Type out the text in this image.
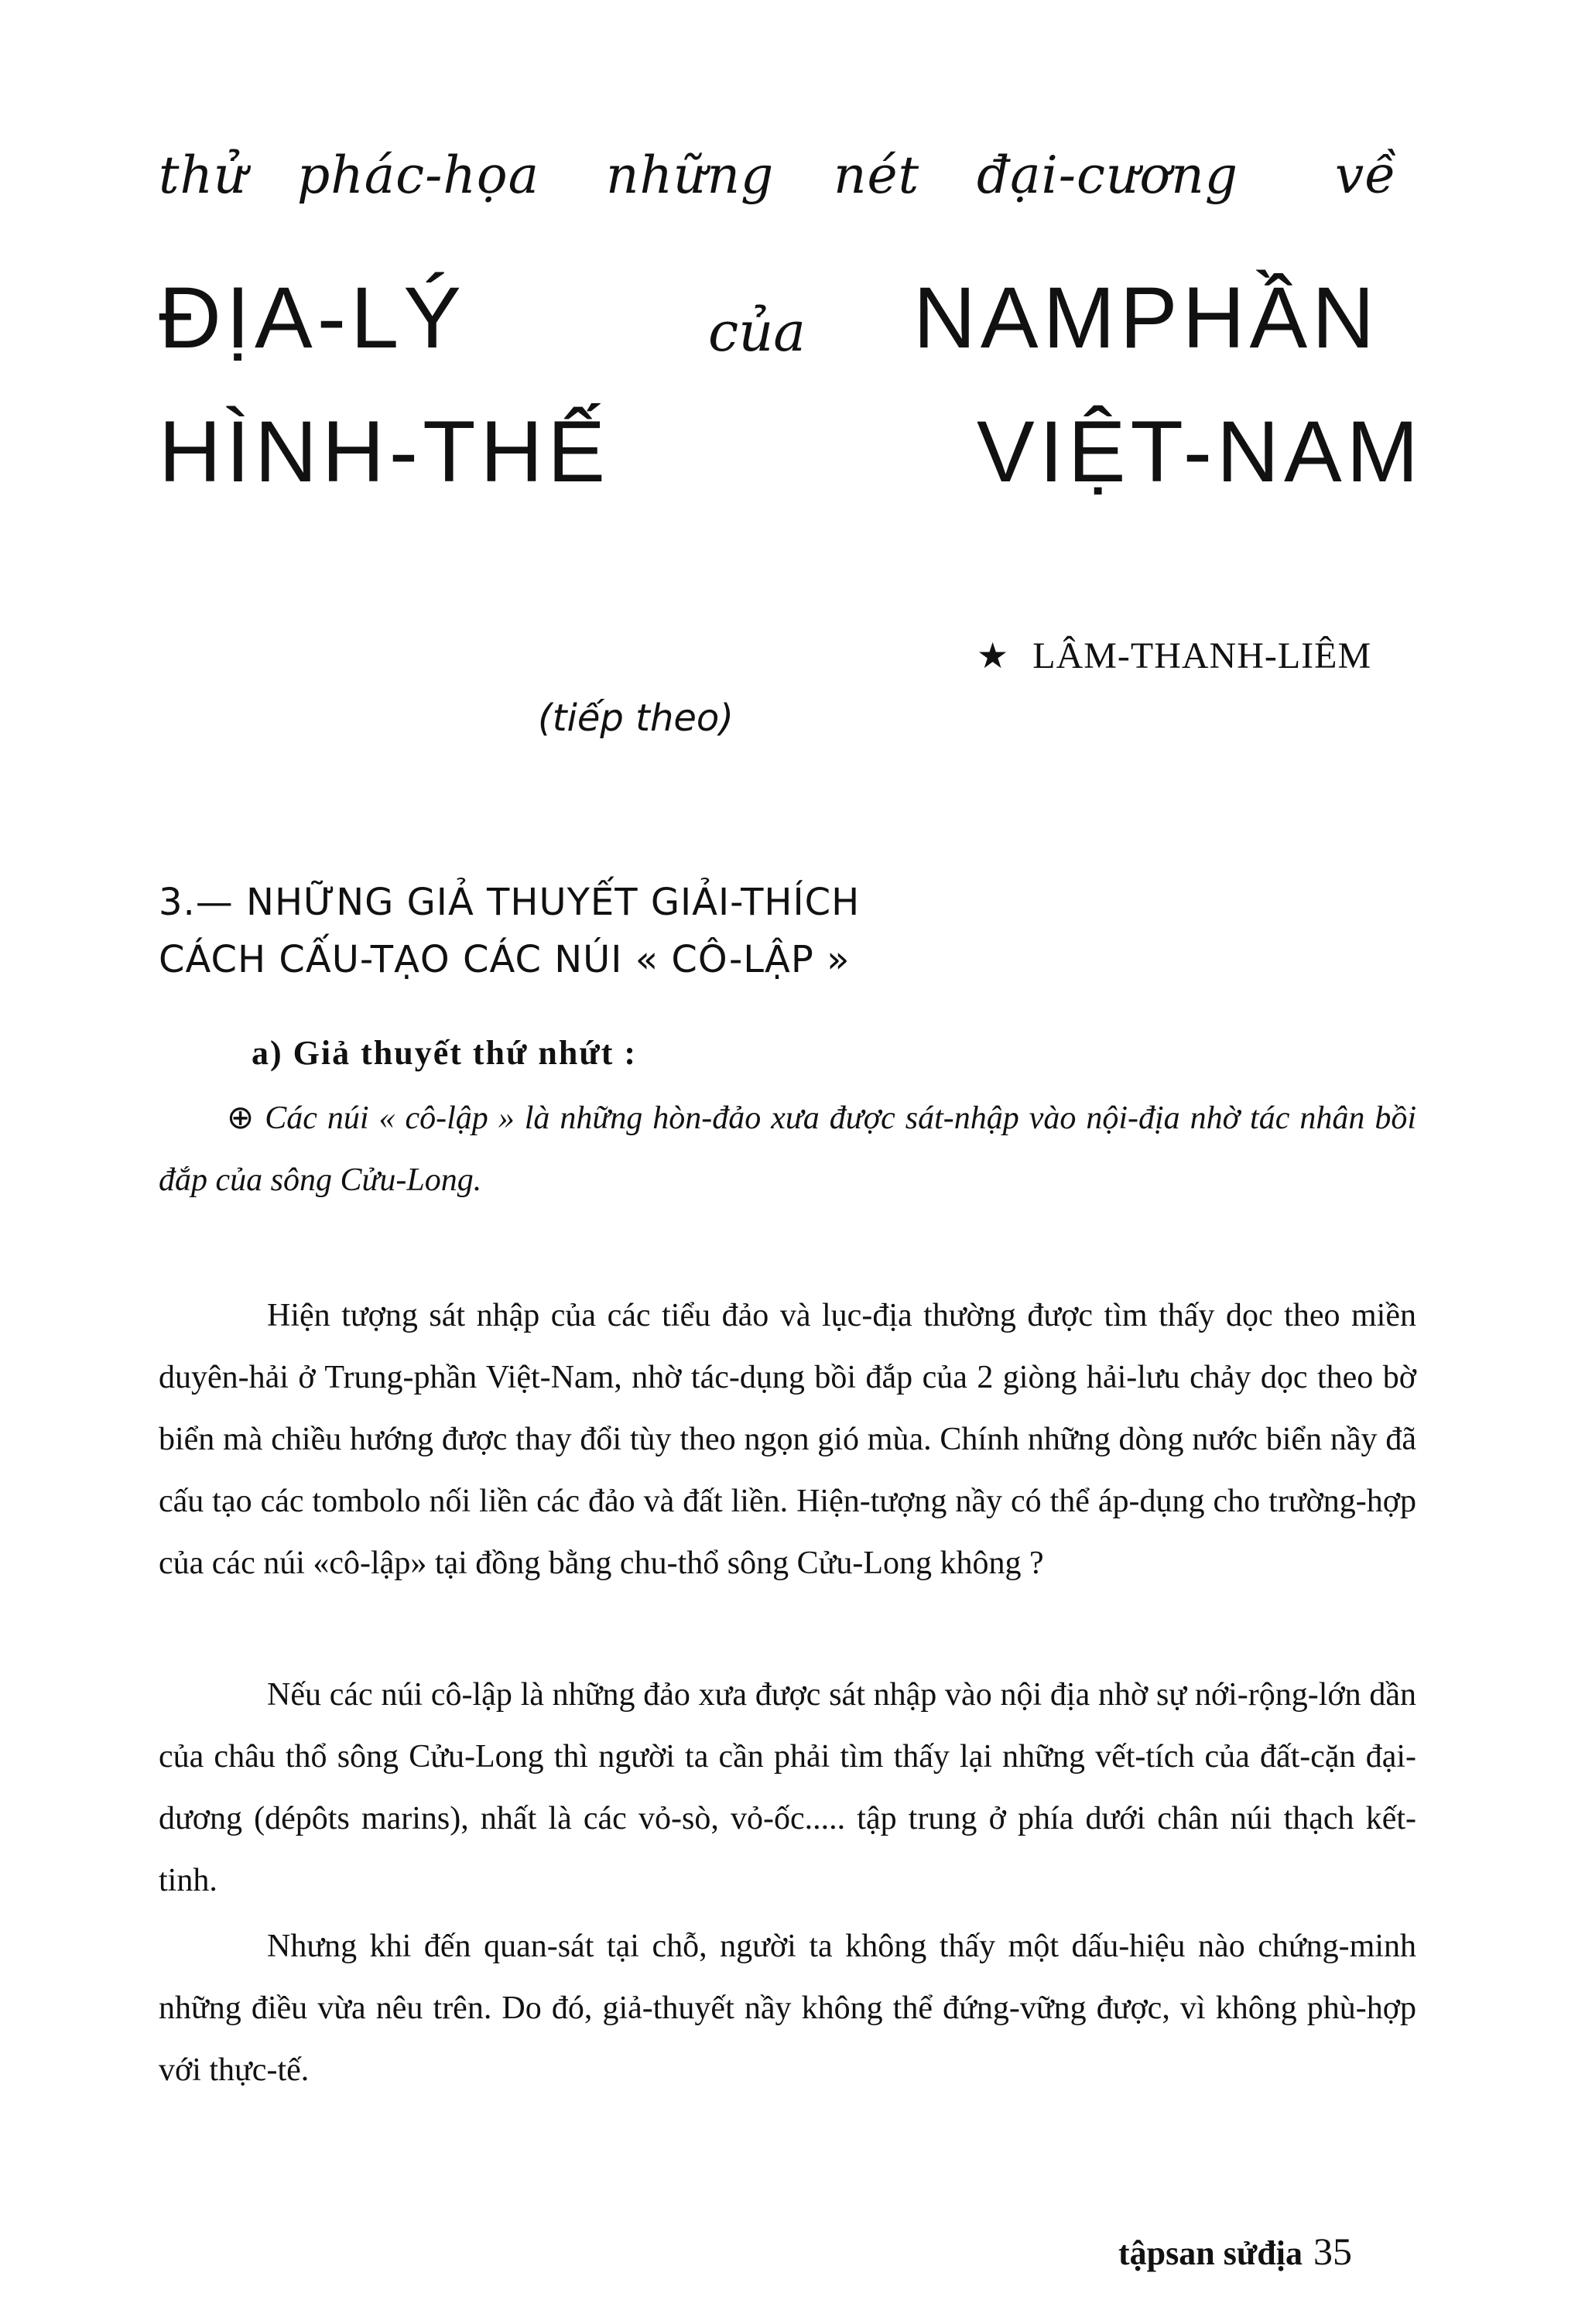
thử phác-họa những nét đại-cương về
ĐỊA-LÝ	của NAMPHẦN
HÌNH-THẾ	VIỆT-NAM
★ LÂM-THANH-LIÊM
(tiếp theo)
3.— NHỮNG GIẢ THUYẾT GIẢI-THÍCH
CÁCH CẤU-TẠO CÁC NÚI « CÔ-LẬP »
a) Giả thuyết thứ nhứt :
⊕ Các núi « cô-lập » là những hòn-đảo xưa được sát-nhập vào nội-địa nhờ tác nhân bồi đắp của sông Cửu-Long.
Hiện tượng sát nhập của các tiểu đảo và lục-địa thường được tìm thấy dọc theo miền duyên-hải ở Trung-phần Việt-Nam, nhờ tác-dụng bồi đắp của 2 giòng hải-lưu chảy dọc theo bờ biển mà chiều hướng được thay đổi tùy theo ngọn gió mùa. Chính những dòng nước biển nầy đã cấu tạo các tombolo nối liền các đảo và đất liền. Hiện-tượng nầy có thể áp-dụng cho trường-hợp của các núi «cô-lập» tại đồng bằng chu-thổ sông Cửu-Long không ?
Nếu các núi cô-lập là những đảo xưa được sát nhập vào nội địa nhờ sự nới-rộng-lớn dần của châu thổ sông Cửu-Long thì người ta cần phải tìm thấy lại những vết-tích của đất-cặn đại-dương (dépôts marins), nhất là các vỏ-sò, vỏ-ốc..... tập trung ở phía dưới chân núi thạch kết-tinh.
Nhưng khi đến quan-sát tại chỗ, người ta không thấy một dấu-hiệu nào chứng-minh những điều vừa nêu trên. Do đó, giả-thuyết nầy không thể đứng-vững được, vì không phù-hợp với thực-tế.
tậpsan sửđịa 35
